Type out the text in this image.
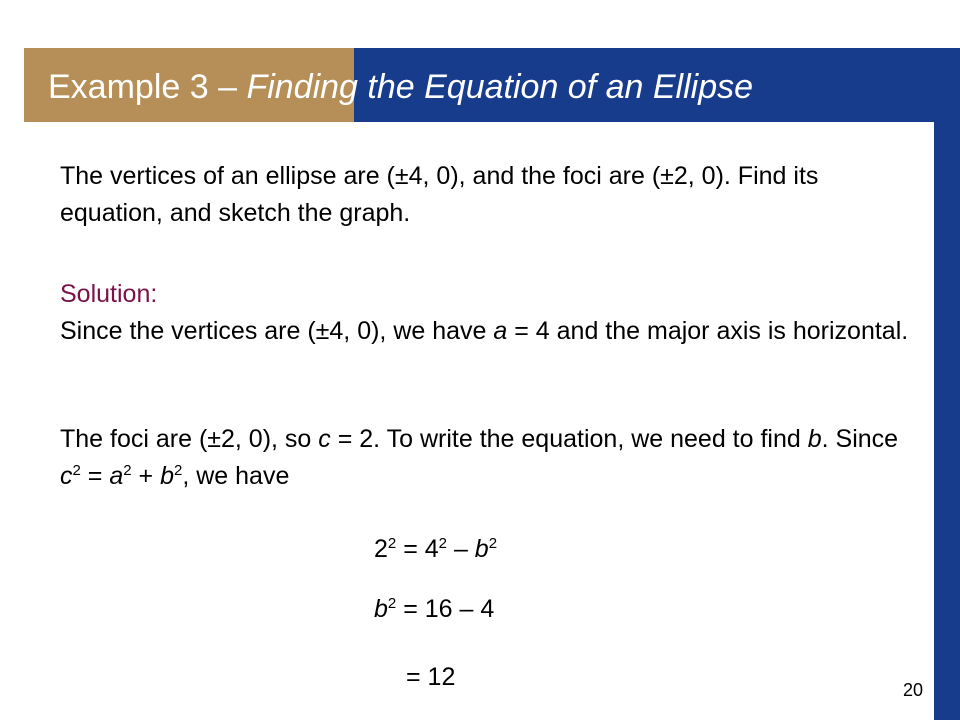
Example 3 – Finding the Equation of an Ellipse

The vertices of an ellipse are (±4, 0), and the foci are (±2, 0). Find its equation, and sketch the graph.

Solution:

Since the vertices are (±4, 0), we have a = 4 and the major axis is horizontal.

The foci are (±2, 0), so c = 2. To write the equation, we need to find b. Since $c^2 = a^2 + b^2$, we have

$2^2 = 4^2 - b^2$
$b^2 = 16 - 4$
= 12	20
